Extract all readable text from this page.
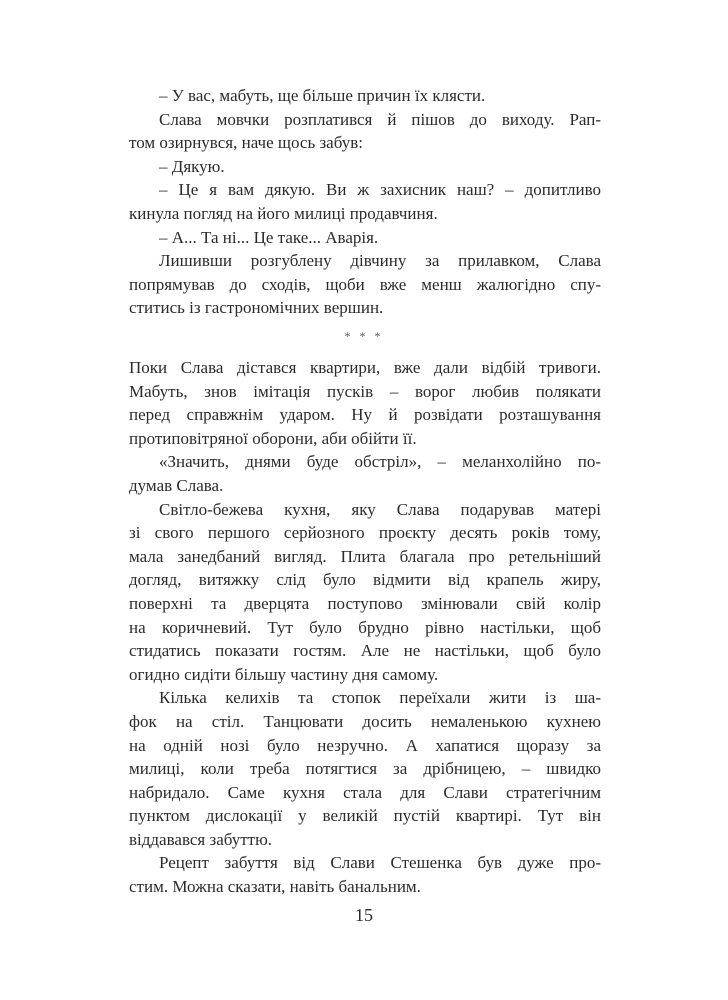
– У вас, мабуть, ще більше причин їх клясти.
Слава мовчки розплатився й пішов до виходу. Рап-
том озирнувся, наче щось забув:
– Дякую.
– Це я вам дякую. Ви ж захисник наш? – допитливо
кинула погляд на його милиці продавчиня.
– А... Та ні... Це таке... Аварія.
Лишивши розгублену дівчину за прилавком, Слава
попрямував до сходів, щоби вже менш жалюгідно спу-
ститись із гастрономічних вершин.
* * *
Поки Слава дістався квартири, вже дали відбій тривоги.
Мабуть, знов імітація пусків – ворог любив полякати
перед справжнім ударом. Ну й розвідати розташування
протиповітряної оборони, аби обійти її.
«Значить, днями буде обстріл», – меланхолійно по-
думав Слава.
Світло-бежева кухня, яку Слава подарував матері
зі свого першого серйозного проєкту десять років тому,
мала занедбаний вигляд. Плита благала про ретельніший
догляд, витяжку слід було відмити від крапель жиру,
поверхні та дверцята поступово змінювали свій колір
на коричневий. Тут було брудно рівно настільки, щоб
стидатись показати гостям. Але не настільки, щоб було
огидно сидіти більшу частину дня самому.
Кілька келихів та стопок переїхали жити із ша-
фок на стіл. Танцювати досить немаленькою кухнею
на одній нозі було незручно. А хапатися щоразу за
милиці, коли треба потягтися за дрібницею, – швидко
набридало. Саме кухня стала для Слави стратегічним
пунктом дислокації у великій пустій квартирі. Тут він
віддавався забуттю.
Рецепт забуття від Слави Стешенка був дуже про-
стим. Можна сказати, навіть банальним.
15
